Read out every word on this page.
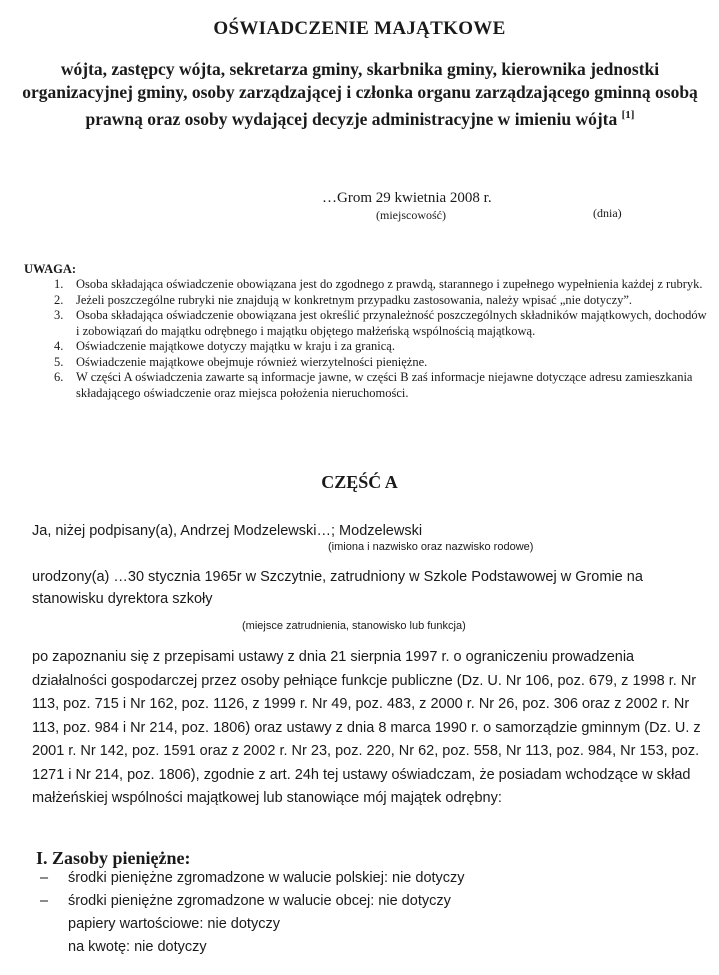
OŚWIADCZENIE MAJĄTKOWE
wójta, zastępcy wójta, sekretarza gminy, skarbnika gminy, kierownika jednostki organizacyjnej gminy, osoby zarządzającej i członka organu zarządzającego gminną osobą prawną oraz osoby wydającej decyzje administracyjne w imieniu wójta [1]
…Grom 29 kwietnia 2008 r.
(miejscowość)	(dnia)
UWAGA:
1. Osoba składająca oświadczenie obowiązana jest do zgodnego z prawdą, starannego i zupełnego wypełnienia każdej z rubryk.
2. Jeżeli poszczególne rubryki nie znajdują w konkretnym przypadku zastosowania, należy wpisać „nie dotyczy”.
3. Osoba składająca oświadczenie obowiązana jest określić przynależność poszczególnych składników majątkowych, dochodów i zobowiązań do majątku odrębnego i majątku objętego małżeńską wspólnością majątkową.
4. Oświadczenie majątkowe dotyczy majątku w kraju i za granicą.
5. Oświadczenie majątkowe obejmuje również wierzytelności pieniężne.
6. W części A oświadczenia zawarte są informacje jawne, w części B zaś informacje niejawne dotyczące adresu zamieszkania składającego oświadczenie oraz miejsca położenia nieruchomości.
CZĘŚĆ A
Ja, niżej podpisany(a), Andrzej Modzelewski…; Modzelewski
(imiona i nazwisko oraz nazwisko rodowe)
urodzony(a) …30 stycznia 1965r w Szczytnie, zatrudniony w Szkole Podstawowej w Gromie na stanowisku dyrektora szkoły
(miejsce zatrudnienia, stanowisko lub funkcja)
po zapoznaniu się z przepisami ustawy z dnia 21 sierpnia 1997 r. o ograniczeniu prowadzenia działalności gospodarczej przez osoby pełniące funkcje publiczne (Dz. U. Nr 106, poz. 679, z 1998 r. Nr 113, poz. 715 i Nr 162, poz. 1126, z 1999 r. Nr 49, poz. 483, z 2000 r. Nr 26, poz. 306 oraz z 2002 r. Nr 113, poz. 984 i Nr 214, poz. 1806) oraz ustawy z dnia 8 marca 1990 r. o samorządzie gminnym (Dz. U. z 2001 r. Nr 142, poz. 1591 oraz z 2002 r. Nr 23, poz. 220, Nr 62, poz. 558, Nr 113, poz. 984, Nr 153, poz. 1271 i Nr 214, poz. 1806), zgodnie z art. 24h tej ustawy oświadczam, że posiadam wchodzące w skład małżeńskiej wspólności majątkowej lub stanowiące mój majątek odrębny:
I. Zasoby pieniężne:
– środki pieniężne zgromadzone w walucie polskiej: nie dotyczy
– środki pieniężne zgromadzone w walucie obcej: nie dotyczy
papiery wartościowe: nie dotyczy
na kwotę: nie dotyczy
